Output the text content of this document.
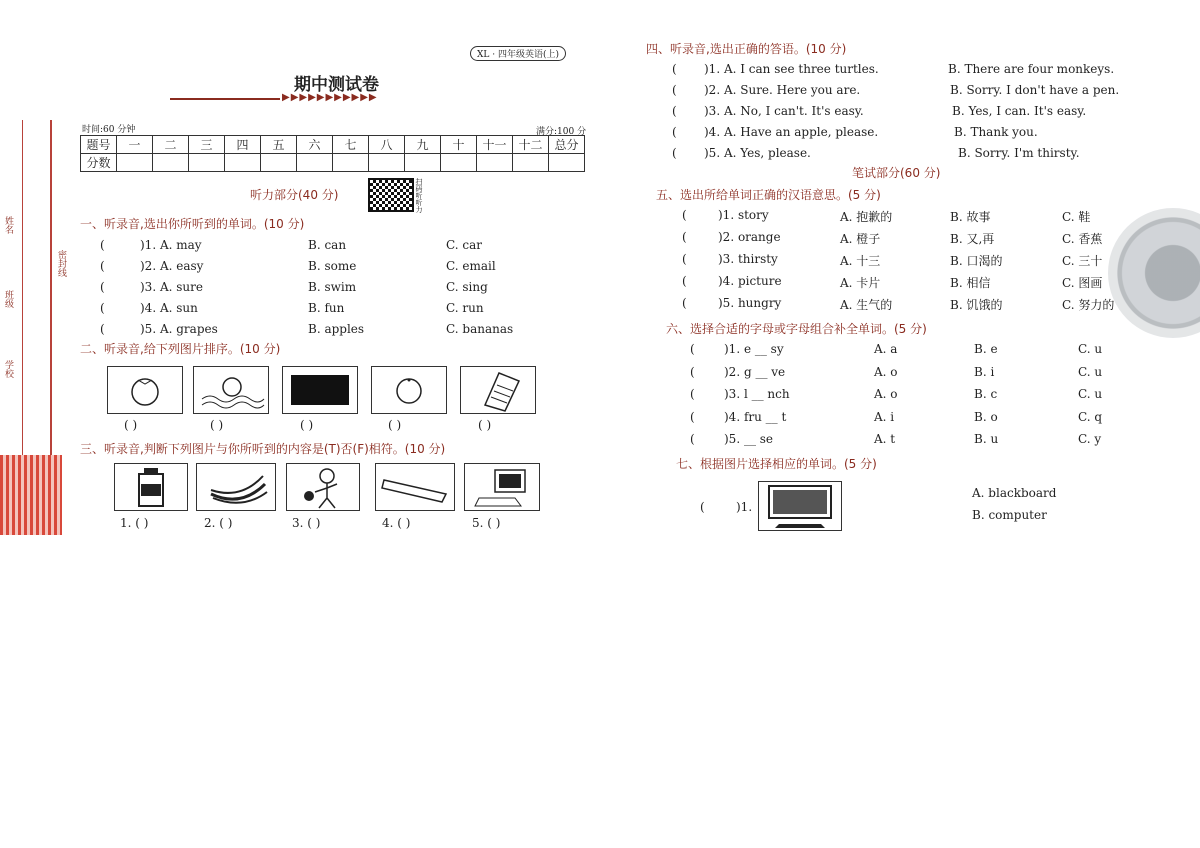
姓名
密封线
班级
学校
XL · 四年级英语(上)
期中测试卷
▶▶▶▶▶▶▶▶▶▶▶
时间:60 分钟	满分:100 分
题号	一	二	三	四	五	六	七	八	九	十	十一	十二	总分
分数													
听力部分(40 分)	扫码听听力
一、听录音,选出你所听到的单词。(10 分)
(	)1. A. may	B. can	C. car
(	)2. A. easy	B. some	C. email
(	)3. A. sure	B. swim	C. sing
(	)4. A. sun	B. fun	C. run
(	)5. A. grapes	B. apples	C. bananas
二、听录音,给下列图片排序。(10 分)
( )	( )	( )	( )	( )
三、听录音,判断下列图片与你所听到的内容是(T)否(F)相符。(10 分)
1. ( )	2. ( )	3. ( )	4. ( )	5. ( )
四、听录音,选出正确的答语。(10 分)
( )1. A. I can see three turtles.	B. There are four monkeys.
( )2. A. Sure. Here you are.	B. Sorry. I don't have a pen.
( )3. A. No, I can't. It's easy.	B. Yes, I can. It's easy.
( )4. A. Have an apple, please.	B. Thank you.
( )5. A. Yes, please.	B. Sorry. I'm thirsty.
笔试部分(60 分)
五、选出所给单词正确的汉语意思。(5 分)
(	)1. story	A. 抱歉的	B. 故事	C. 鞋
(	)2. orange	A. 橙子	B. 又,再	C. 香蕉
(	)3. thirsty	A. 十三	B. 口渴的	C. 三十
(	)4. picture	A. 卡片	B. 相信	C. 图画
(	)5. hungry	A. 生气的	B. 饥饿的	C. 努力的
六、选择合适的字母或字母组合补全单词。(5 分)
( )1. e __ sy	A. a	B. e	C. u
( )2. g __ ve	A. o	B. i	C. u
( )3. l __ nch	A. o	B. c	C. u
( )4. fru __ t	A. i	B. o	C. q
( )5. __ se	A. t	B. u	C. y
七、根据图片选择相应的单词。(5 分)
(	)1.
A. blackboard
B. computer
